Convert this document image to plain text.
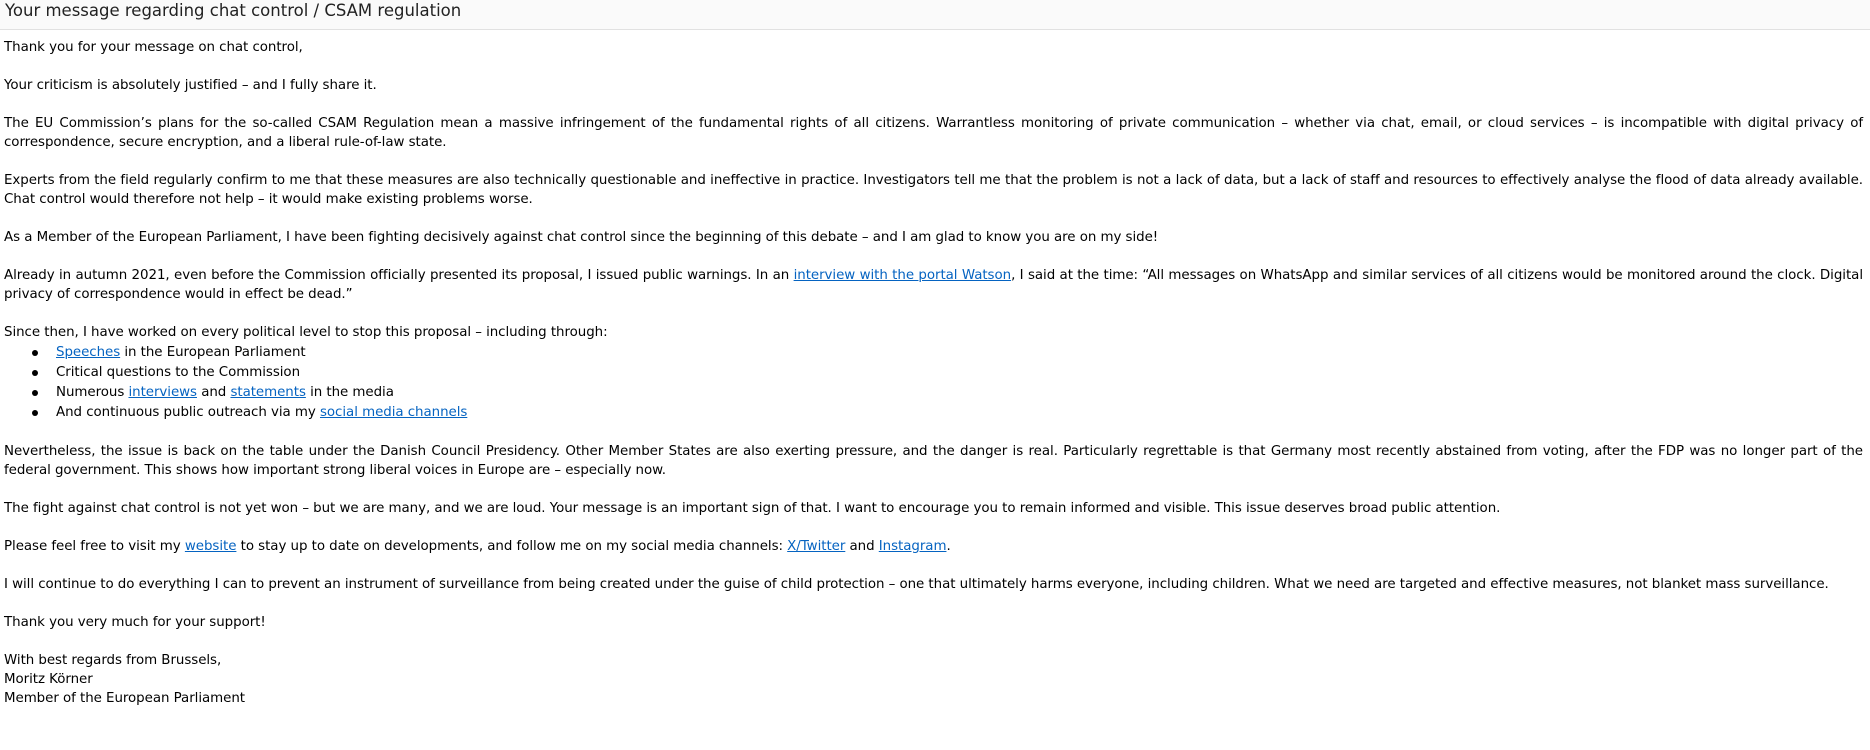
Your message regarding chat control / CSAM regulation

Thank you for your message on chat control,

Your criticism is absolutely justified – and I fully share it.

The EU Commission’s plans for the so-called CSAM Regulation mean a massive infringement of the fundamental rights of all citizens. Warrantless monitoring of private communication – whether via chat, email, or cloud services – is incompatible with digital privacy of correspondence, secure encryption, and a liberal rule-of-law state.

Experts from the field regularly confirm to me that these measures are also technically questionable and ineffective in practice. Investigators tell me that the problem is not a lack of data, but a lack of staff and resources to effectively analyse the flood of data already available. Chat control would therefore not help – it would make existing problems worse.

As a Member of the European Parliament, I have been fighting decisively against chat control since the beginning of this debate – and I am glad to know you are on my side!

Already in autumn 2021, even before the Commission officially presented its proposal, I issued public warnings. In an interview with the portal Watson, I said at the time: “All messages on WhatsApp and similar services of all citizens would be monitored around the clock. Digital privacy of correspondence would in effect be dead.”

Since then, I have worked on every political level to stop this proposal – including through:

Speeches in the European Parliament
Critical questions to the Commission
Numerous interviews and statements in the media
And continuous public outreach via my social media channels

Nevertheless, the issue is back on the table under the Danish Council Presidency. Other Member States are also exerting pressure, and the danger is real. Particularly regrettable is that Germany most recently abstained from voting, after the FDP was no longer part of the federal government. This shows how important strong liberal voices in Europe are – especially now.

The fight against chat control is not yet won – but we are many, and we are loud. Your message is an important sign of that. I want to encourage you to remain informed and visible. This issue deserves broad public attention.

Please feel free to visit my website to stay up to date on developments, and follow me on my social media channels: X/Twitter and Instagram.

I will continue to do everything I can to prevent an instrument of surveillance from being created under the guise of child protection – one that ultimately harms everyone, including children. What we need are targeted and effective measures, not blanket mass surveillance.

Thank you very much for your support!

With best regards from Brussels,
Moritz Körner
Member of the European Parliament
